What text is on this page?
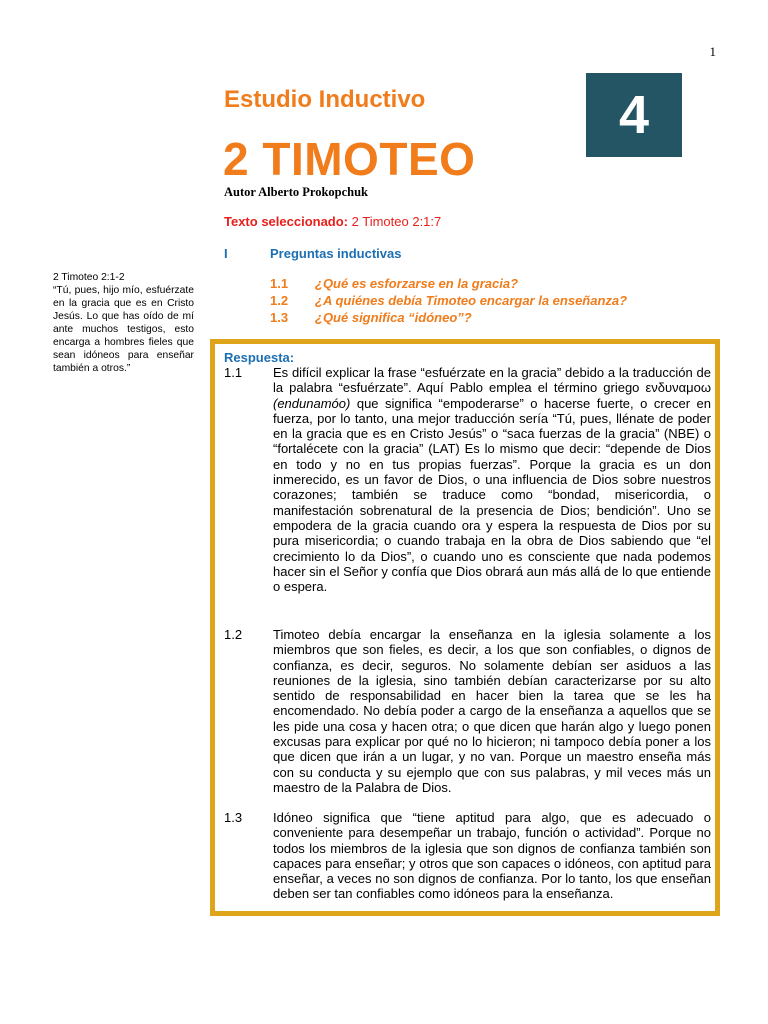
1
Estudio Inductivo
2 TIMOTEO
4
Autor Alberto Prokopchuk
Texto seleccionado: 2 Timoteo 2:1:7
I	Preguntas inductivas
1.1 ¿Qué es esforzarse en la gracia?
1.2 ¿A quiénes debía Timoteo encargar la enseñanza?
1.3 ¿Qué significa “idóneo”?
2 Timoteo 2:1-2
“Tú, pues, hijo mío, esfuérzate en la gracia que es en Cristo Jesús. Lo que has oído de mí ante muchos testigos, esto encarga a hombres fieles que sean idóneos para enseñar también a otros.”
Respuesta:
1.1 Es difícil explicar la frase “esfuérzate en la gracia” debido a la traducción de la palabra “esfuérzate”. Aquí Pablo emplea el término griego ενδυναμοω (endunamóo) que significa “empoderarse” o hacerse fuerte, o crecer en fuerza, por lo tanto, una mejor traducción sería “Tú, pues, llénate de poder en la gracia que es en Cristo Jesús” o “saca fuerzas de la gracia” (NBE) o “fortalécete con la gracia” (LAT) Es lo mismo que decir: “depende de Dios en todo y no en tus propias fuerzas”. Porque la gracia es un don inmerecido, es un favor de Dios, o una influencia de Dios sobre nuestros corazones; también se traduce como “bondad, misericordia, o manifestación sobrenatural de la presencia de Dios; bendición”. Uno se empodera de la gracia cuando ora y espera la respuesta de Dios por su pura misericordia; o cuando trabaja en la obra de Dios sabiendo que “el crecimiento lo da Dios”, o cuando uno es consciente que nada podemos hacer sin el Señor y confía que Dios obrará aun más allá de lo que entiende o espera.
1.2 Timoteo debía encargar la enseñanza en la iglesia solamente a los miembros que son fieles, es decir, a los que son confiables, o dignos de confianza, es decir, seguros. No solamente debían ser asiduos a las reuniones de la iglesia, sino también debían caracterizarse por su alto sentido de responsabilidad en hacer bien la tarea que se les ha encomendado. No debía poder a cargo de la enseñanza a aquellos que se les pide una cosa y hacen otra; o que dicen que harán algo y luego ponen excusas para explicar por qué no lo hicieron; ni tampoco debía poner a los que dicen que irán a un lugar, y no van. Porque un maestro enseña más con su conducta y su ejemplo que con sus palabras, y mil veces más un maestro de la Palabra de Dios.
1.3 Idóneo significa que “tiene aptitud para algo, que es adecuado o conveniente para desempeñar un trabajo, función o actividad”. Porque no todos los miembros de la iglesia que son dignos de confianza también son capaces para enseñar; y otros que son capaces o idóneos, con aptitud para enseñar, a veces no son dignos de confianza. Por lo tanto, los que enseñan deben ser tan confiables como idóneos para la enseñanza.
